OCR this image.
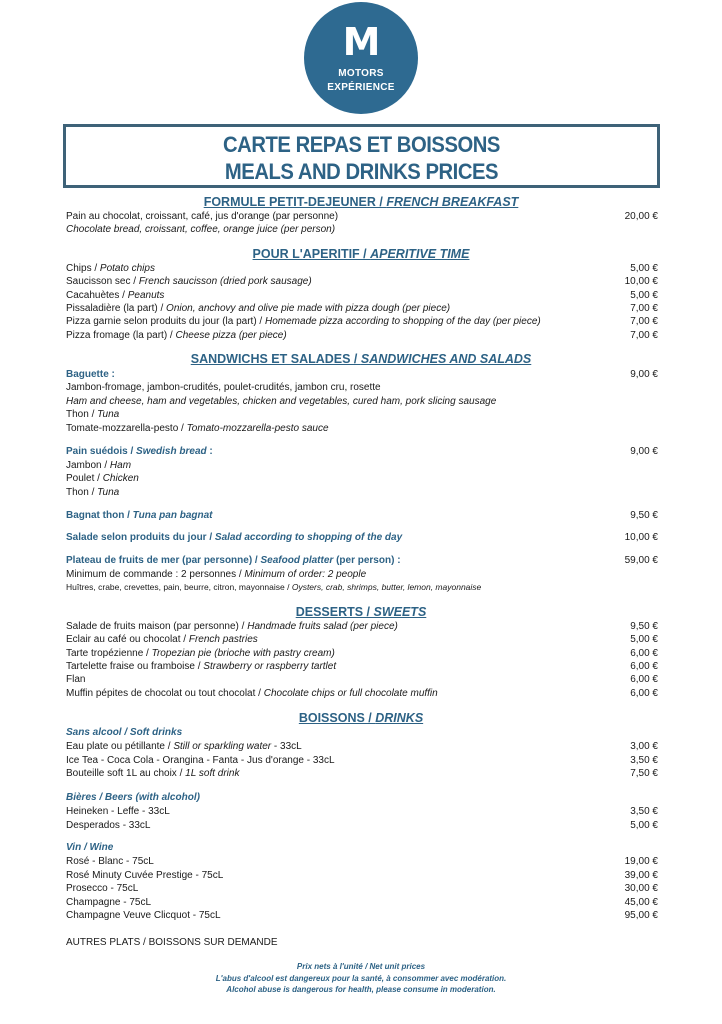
M
MOTORS
EXPÉRIENCE
CARTE REPAS ET BOISSONS
MEALS AND DRINKS PRICES
FORMULE PETIT-DEJEUNER / FRENCH BREAKFAST
Pain au chocolat, croissant, café, jus d'orange (par personne)	20,00 €
Chocolate bread, croissant, coffee, orange juice (per person)
POUR L'APERITIF / APERITIVE TIME
Chips / Potato chips	5,00 €
Saucisson sec / French saucisson (dried pork sausage)	10,00 €
Cacahuètes / Peanuts	5,00 €
Pissaladière (la part) / Onion, anchovy and olive pie made with pizza dough (per piece)	7,00 €
Pizza garnie selon produits du jour (la part) / Homemade pizza according to shopping of the day (per piece)	7,00 €
Pizza fromage (la part) / Cheese pizza (per piece)	7,00 €
SANDWICHS ET SALADES / SANDWICHES AND SALADS
Baguette :	9,00 €
Jambon-fromage, jambon-crudités, poulet-crudités, jambon cru, rosette
Ham and cheese, ham and vegetables, chicken and vegetables, cured ham, pork slicing sausage
Thon / Tuna
Tomate-mozzarella-pesto / Tomato-mozzarella-pesto sauce
Pain suédois / Swedish bread :	9,00 €
Jambon / Ham
Poulet / Chicken
Thon / Tuna
Bagnat thon / Tuna pan bagnat	9,50 €
Salade selon produits du jour / Salad according to shopping of the day	10,00 €
Plateau de fruits de mer (par personne) / Seafood platter (per person) :	59,00 €
Minimum de commande : 2 personnes / Minimum of order: 2 people
Huîtres, crabe, crevettes, pain, beurre, citron, mayonnaise / Oysters, crab, shrimps, butter, lemon, mayonnaise
DESSERTS / SWEETS
Salade de fruits maison (par personne) / Handmade fruits salad (per piece)	9,50 €
Eclair au café ou chocolat / French pastries	5,00 €
Tarte tropézienne / Tropezian pie (brioche with pastry cream)	6,00 €
Tartelette fraise ou framboise / Strawberry or raspberry tartlet	6,00 €
Flan	6,00 €
Muffin pépites de chocolat ou tout chocolat / Chocolate chips or full chocolate muffin	6,00 €
BOISSONS / DRINKS
Sans alcool / Soft drinks
Eau plate ou pétillante / Still or sparkling water - 33cL	3,00 €
Ice Tea - Coca Cola - Orangina - Fanta - Jus d'orange - 33cL	3,50 €
Bouteille soft 1L au choix / 1L soft drink	7,50 €
Bières / Beers (with alcohol)
Heineken - Leffe - 33cL	3,50 €
Desperados - 33cL	5,00 €
Vin / Wine
Rosé - Blanc - 75cL	19,00 €
Rosé Minuty Cuvée Prestige - 75cL	39,00 €
Prosecco - 75cL	30,00 €
Champagne - 75cL	45,00 €
Champagne Veuve Clicquot - 75cL	95,00 €
AUTRES PLATS / BOISSONS SUR DEMANDE
Prix nets à l'unité / Net unit prices
L'abus d'alcool est dangereux pour la santé, à consommer avec modération.
Alcohol abuse is dangerous for health, please consume in moderation.
